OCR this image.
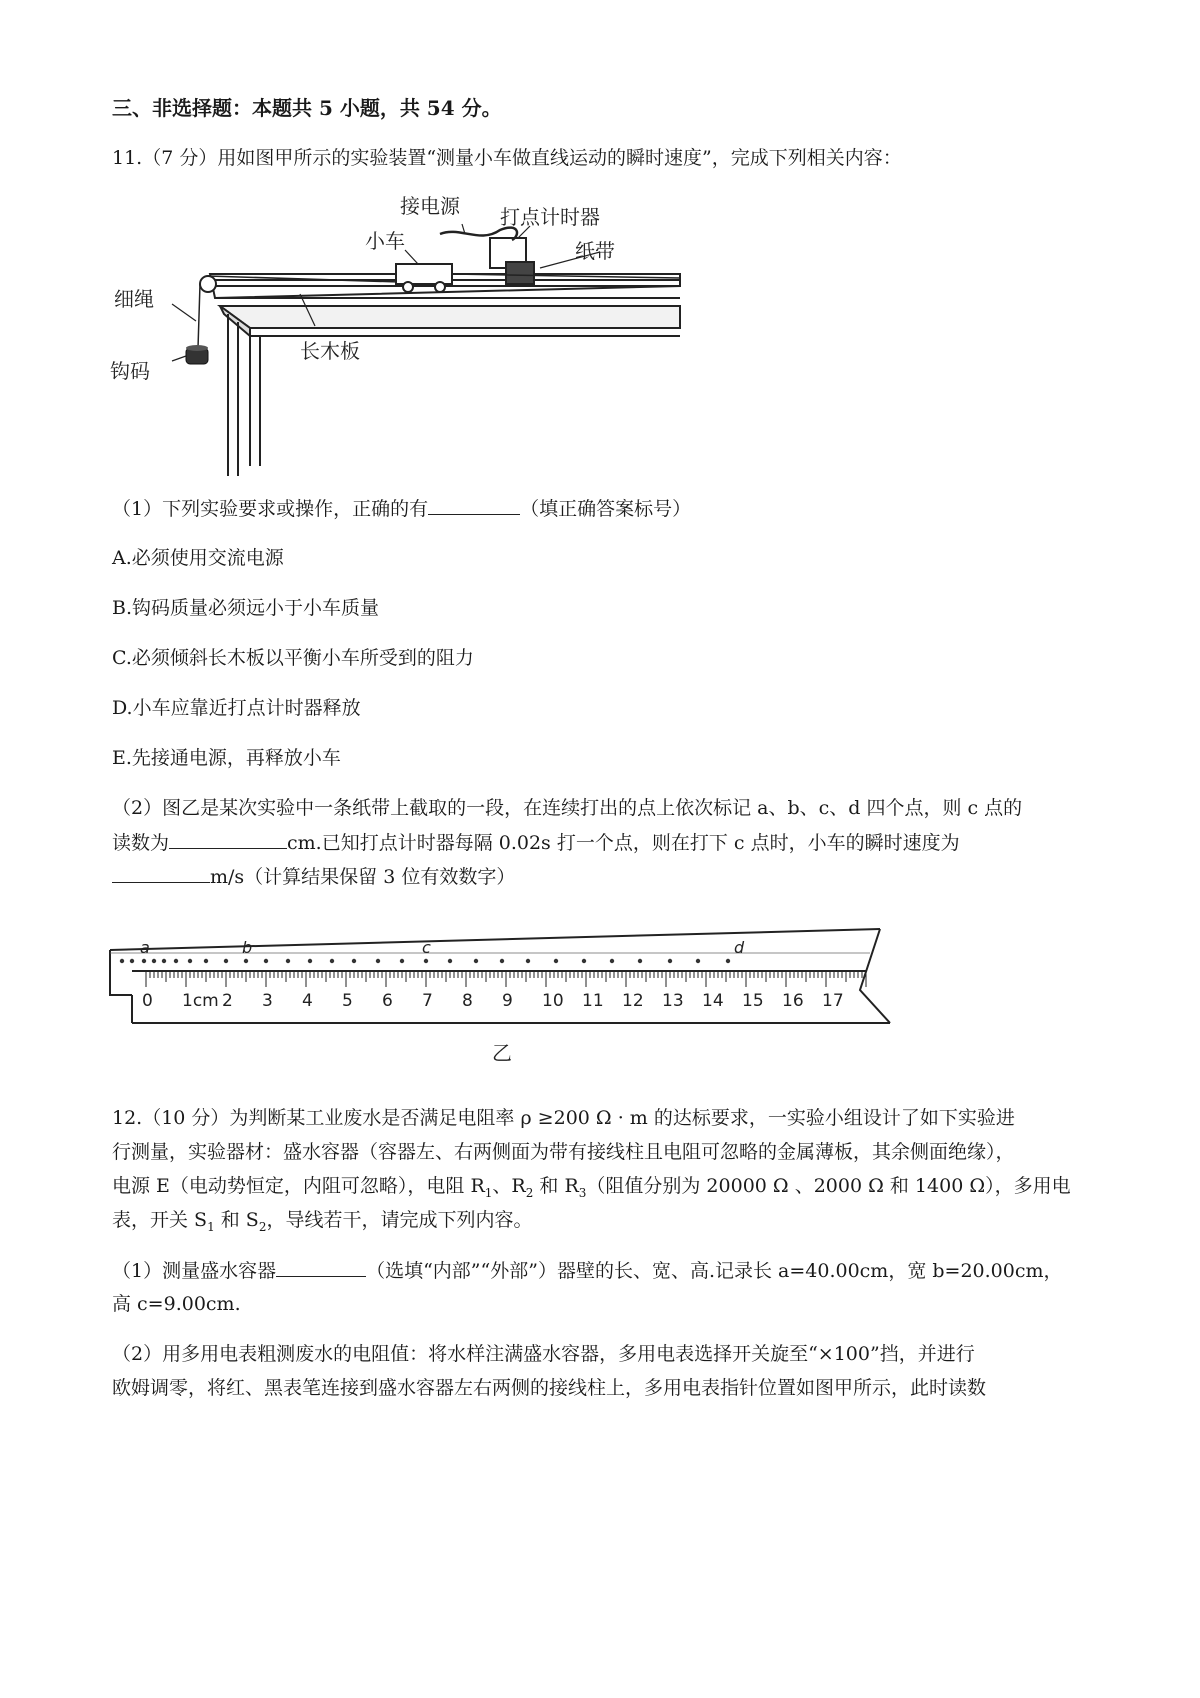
三、非选择题：本题共 5 小题，共 54 分。
11.（7 分）用如图甲所示的实验装置“测量小车做直线运动的瞬时速度”，完成下列相关内容：
接电源 打点计时器
小车	纸带
细绳
钩码
长木板
（1）下列实验要求或操作，正确的有	（填正确答案标号）
A.必须使用交流电源
B.钩码质量必须远小于小车质量
C.必须倾斜长木板以平衡小车所受到的阻力
D.小车应靠近打点计时器释放
E.先接通电源，再释放小车
（2）图乙是某次实验中一条纸带上截取的一段，在连续打出的点上依次标记 a、b、c、d 四个点，则 c 点的
读数为	cm.已知打点计时器每隔 0.02s 打一个点，则在打下 c 点时，小车的瞬时速度为
m/s（计算结果保留 3 位有效数字）
0 1cm 2 3 4 5 6 7 8 9 10 11 12 13 14 15 16 17
a	b	c	d
乙
12.（10 分）为判断某工业废水是否满足电阻率 ρ ≥200 Ω · m 的达标要求，一实验小组设计了如下实验进
行测量，实验器材：盛水容器（容器左、右两侧面为带有接线柱且电阻可忽略的金属薄板，其余侧面绝缘），
电源 E（电动势恒定，内阻可忽略），电阻 $R_1$、$R_2$ 和 $R_3$（阻值分别为 20000 Ω 、2000 Ω 和 1400 Ω），多用电
表，开关 $S_1$ 和 $S_2$，导线若干，请完成下列内容。
（1）测量盛水容器	（选填“内部”“外部”）器壁的长、宽、高.记录长 a=40.00cm，宽 b=20.00cm，
高 c=9.00cm.
（2）用多用电表粗测废水的电阻值：将水样注满盛水容器，多用电表选择开关旋至“×100”挡，并进行
欧姆调零，将红、黑表笔连接到盛水容器左右两侧的接线柱上，多用电表指针位置如图甲所示，此时读数
